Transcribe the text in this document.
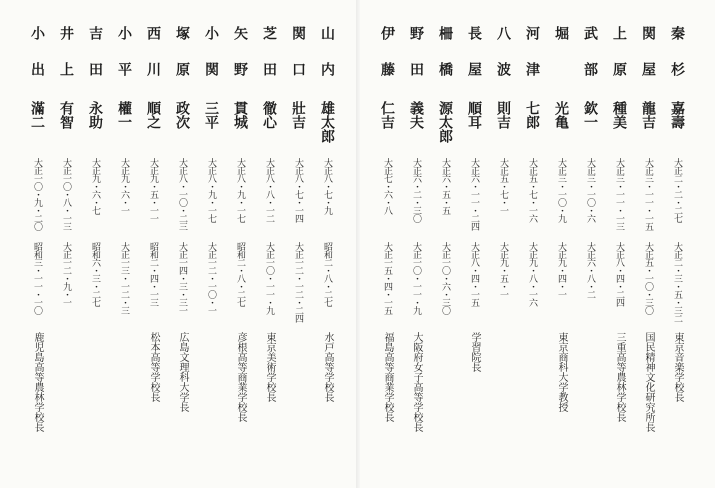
秦杉
嘉壽
大正二・二・二七
大正二・三・五・三二
東京音楽学校長
関屋
龍吉
大正三・一一・一五
大正五・一〇・三〇
国民精神文化研究所長
上原
種美
大正三・一一・一三
大正八・四・二四
三重高等農林学校長
武部
欽一
大正三・一〇・六
大正六・八・二
堀
光亀
大正三・一〇・九
大正九・四・一
東京商科大学教授
河津
七郎
大正五・七・一六
大正九・八・一六
八波
則吉
大正五・七・一
大正九・五・一
長屋
順耳
大正六・一一・二四
大正八・四・一五
学習院長
柵橋
源太郎
大正六・五・五
大正一〇・六・三〇
野田
義夫
大正六・二・三〇
大正一〇・一一・九
大阪府女子高等学校長
伊藤
仁吉
大正七・六・八
大正一五・四・一五
福島高等商業学校長
山内
雄太郎
大正八・七・九
昭和二・八・二七
水戸高等学校長
関口
壯吉
大正八・七・一四
大正一二・一二・二四
芝田
徹心
大正八・八・一二
大正一〇・一一・九
東京美術学校長
矢野
貫城
大正八・九・一七
昭和二・八・二七
彦根高等商業学校長
小関
三平
大正八・九・一七
大正一二・一〇・一
塚原
政次
大正八・一〇・二三
大正一四・三・三一
広島文理科大学長
西川
順之
大正九・五・一一
昭和二・四・一三
松本高等学校長
小平
權一
大正九・六・一
大正一三・一二・三
吉田
永助
大正九・六・七
昭和六・三・二七
井上
有智
大正一〇・八・一三
大正一二・九・一
小出
滿二
大正一〇・九・二〇
昭和三・一一・一〇
鹿児島高等農林学校長
